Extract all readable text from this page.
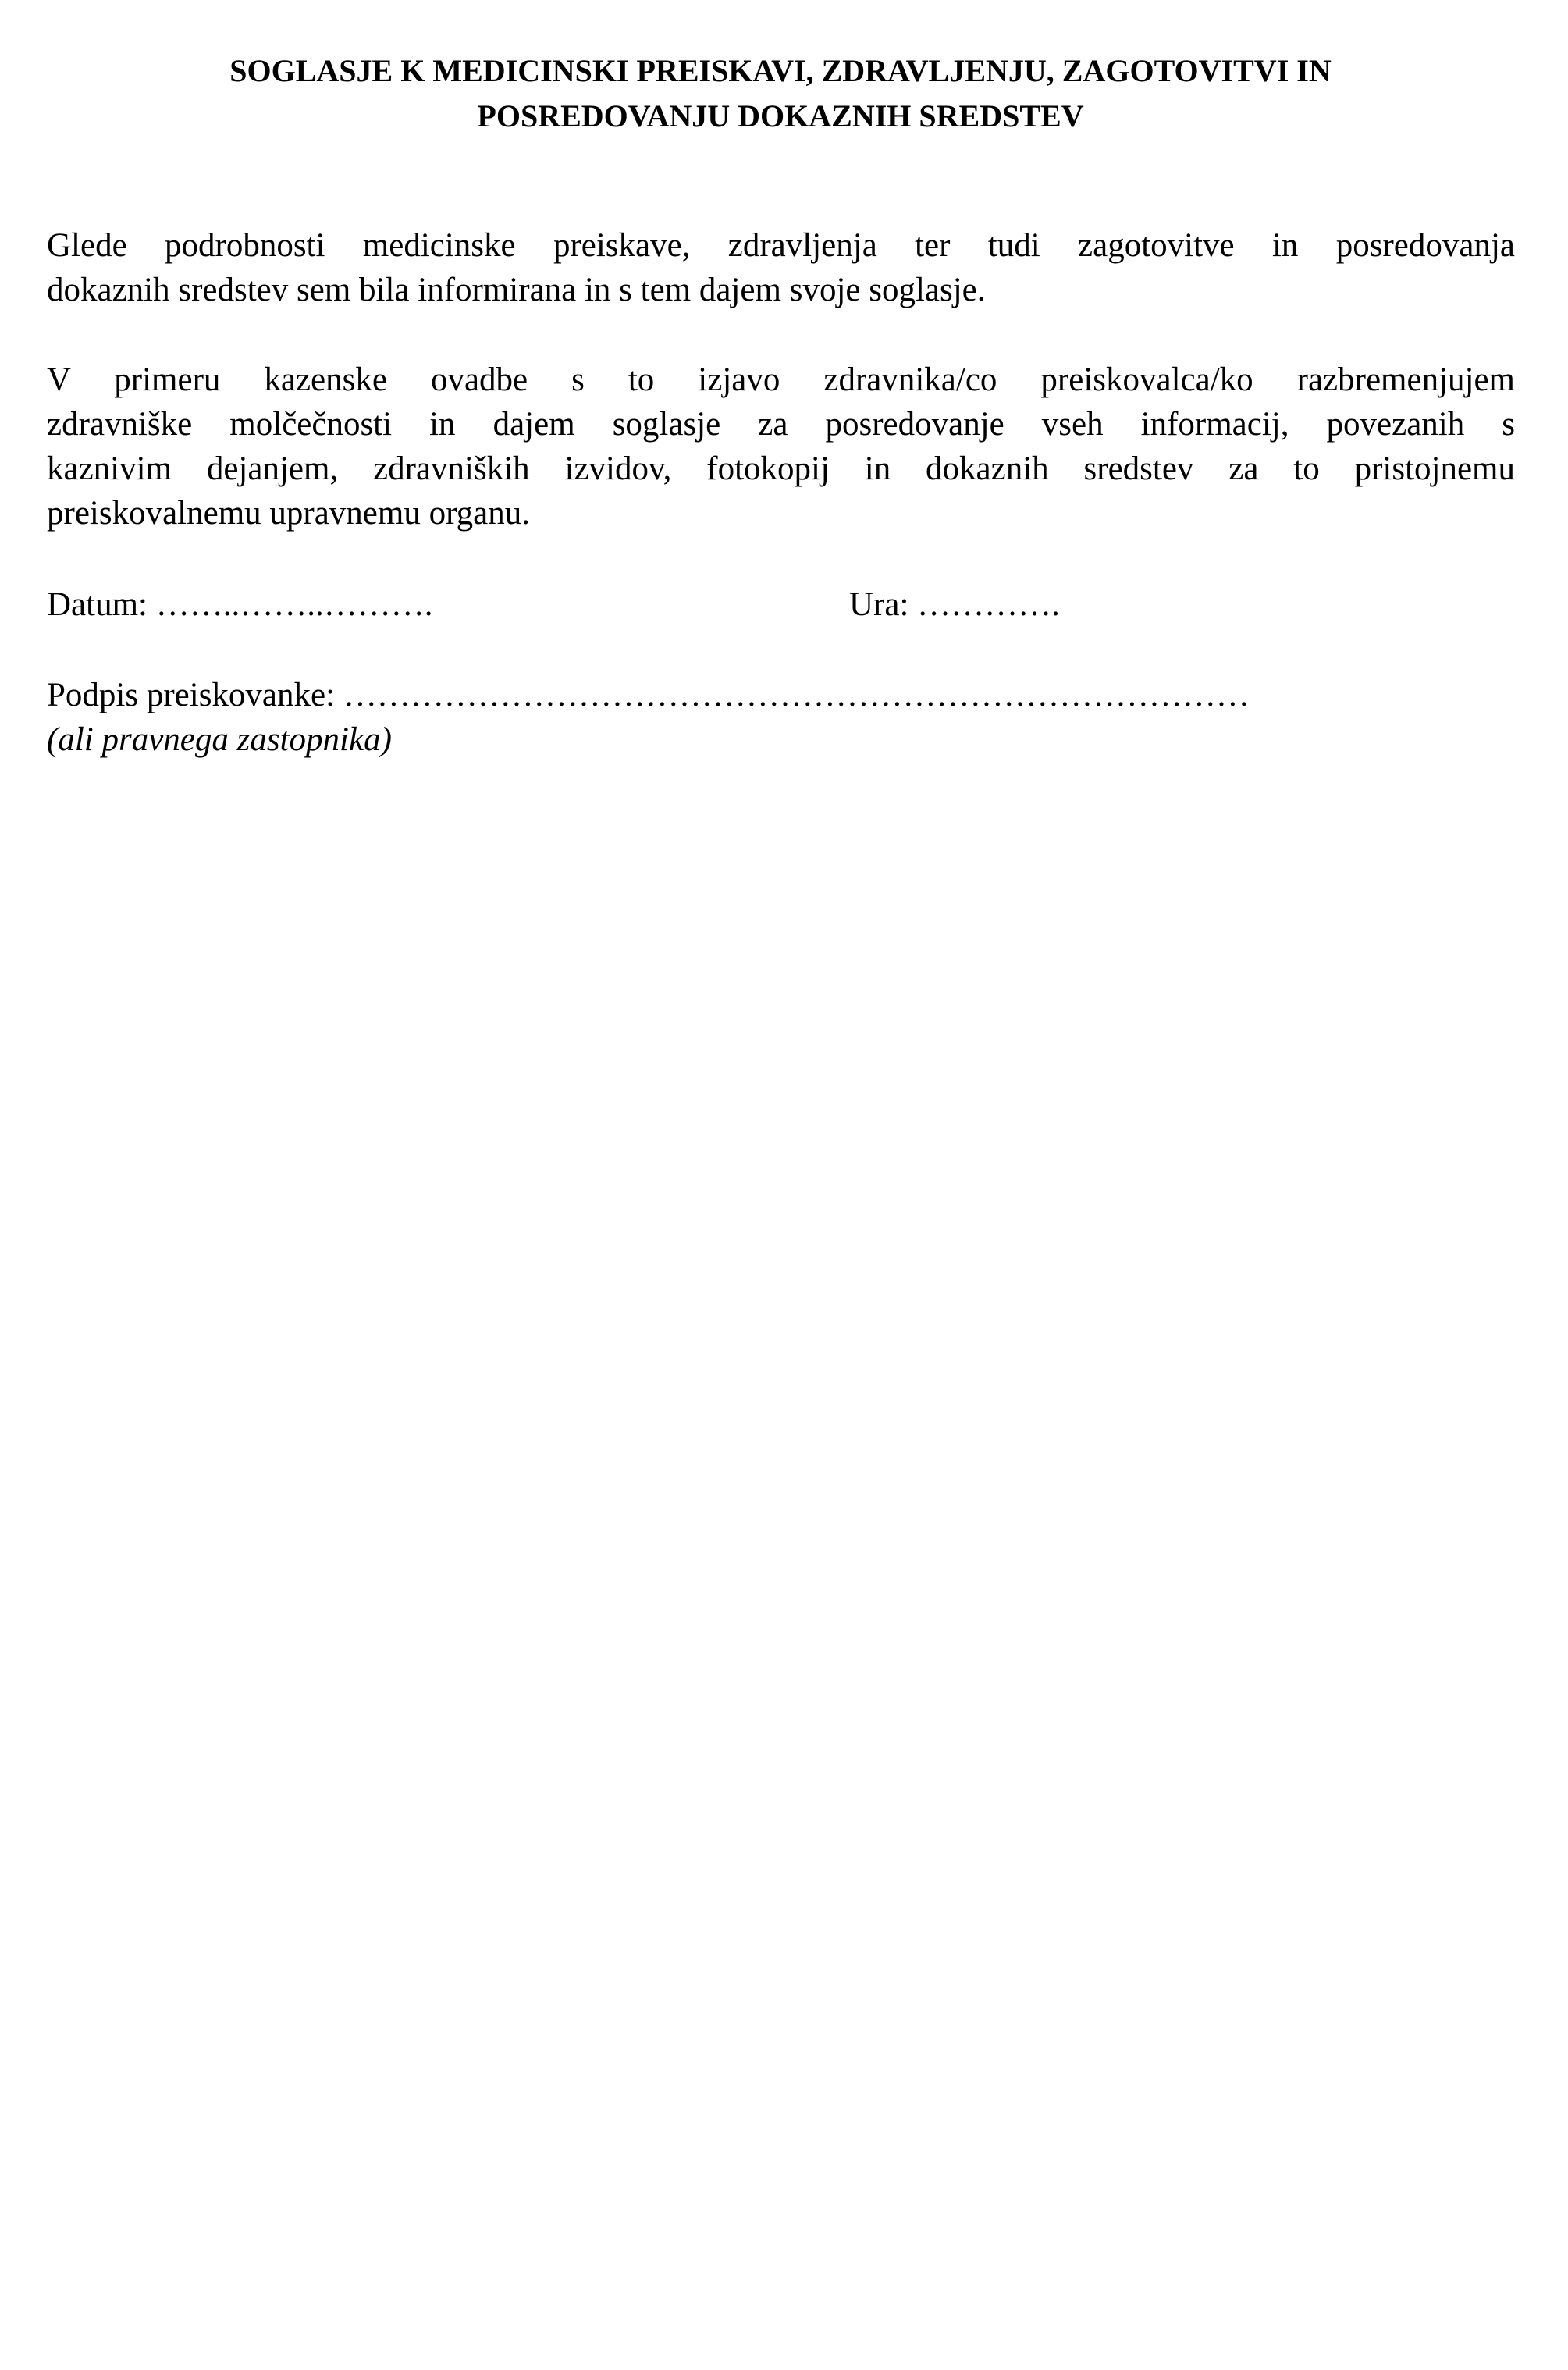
SOGLASJE K MEDICINSKI PREISKAVI, ZDRAVLJENJU, ZAGOTOVITVI IN
POSREDOVANJU DOKAZNIH SREDSTEV

Glede podrobnosti medicinske preiskave, zdravljenja ter tudi zagotovitve in posredovanja
dokaznih sredstev sem bila informirana in s tem dajem svoje soglasje.

V primeru kazenske ovadbe s to izjavo zdravnika/co preiskovalca/ko razbremenjujem
zdravniške molčečnosti in dajem soglasje za posredovanje vseh informacij, povezanih s
kaznivim dejanjem, zdravniških izvidov, fotokopij in dokaznih sredstev za to pristojnemu
preiskovalnemu upravnemu organu.

Datum: ……..……..……….	Ura: ………….
Podpis preiskovanke: ………………………………………………………………………
(ali pravnega zastopnika)
